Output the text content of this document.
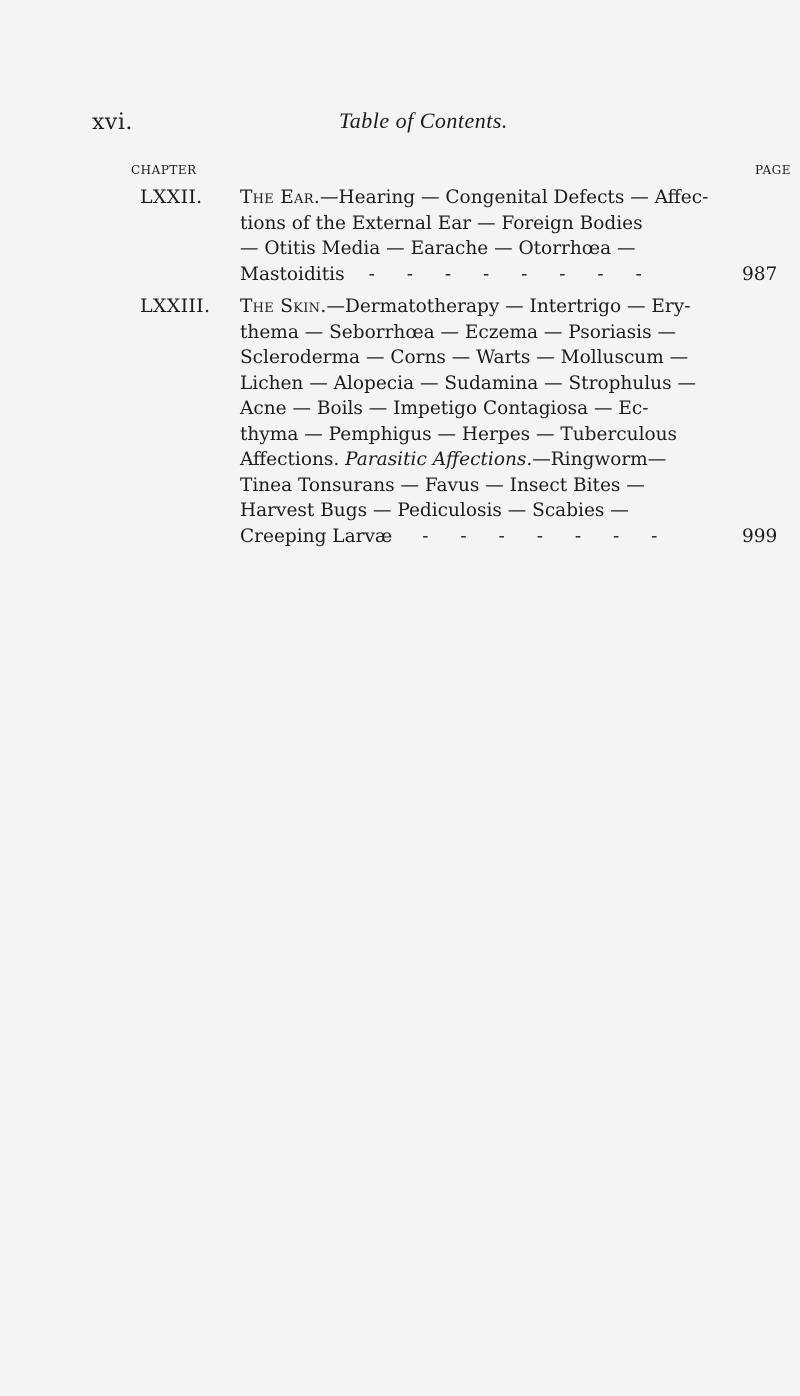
xvi.	Table of Contents.
CHAPTER	PAGE
LXXII. The Ear.—Hearing — Congenital Defects — Affec-
tions of the External Ear — Foreign Bodies
— Otitis Media — Earache — Otorrhœa —
Mastoiditis - - - - - - - -	987
LXXIII. The Skin.—Dermatotherapy — Intertrigo — Ery-
thema — Seborrhœa — Eczema — Psoriasis —
Scleroderma — Corns — Warts — Molluscum —
Lichen — Alopecia — Sudamina — Strophulus —
Acne — Boils — Impetigo Contagiosa — Ec-
thyma — Pemphigus — Herpes — Tuberculous
Affections. Parasitic Affections.—Ringworm—
Tinea Tonsurans — Favus — Insect Bites —
Harvest Bugs — Pediculosis — Scabies —
Creeping Larvæ - - - - - - -	999
